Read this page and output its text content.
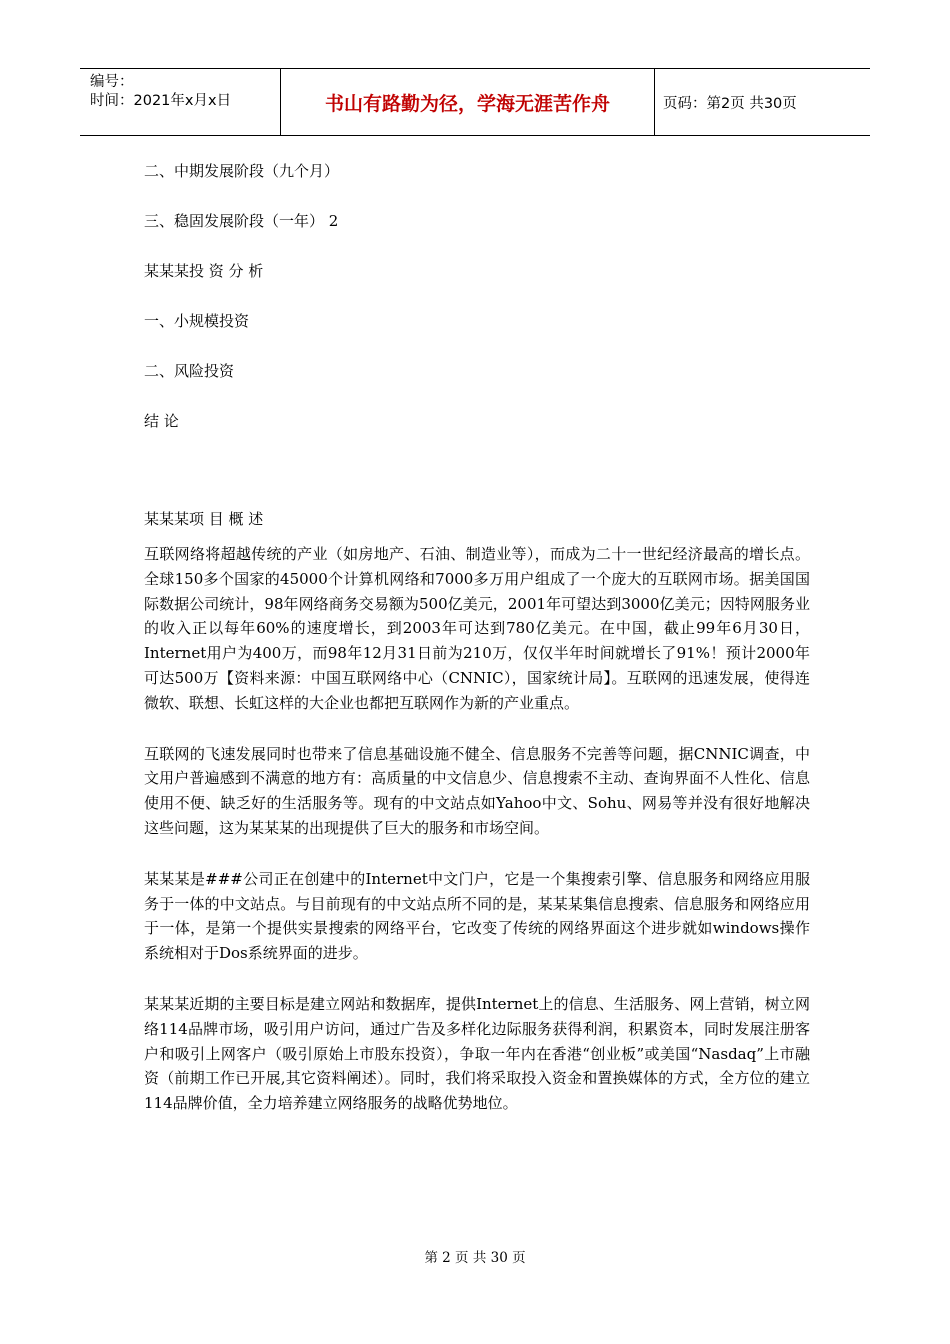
编号：
时间：2021年x月x日	书山有路勤为径，学海无涯苦作舟	页码：第2页 共30页
二、中期发展阶段（九个月）
三、稳固发展阶段（一年） 2
某某某投 资 分 析
一、小规模投资
二、风险投资
结 论
某某某项 目 概 述

互联网络将超越传统的产业（如房地产、石油、制造业等），而成为二十一世纪经济最高的增长点。全球150多个国家的45000个计算机网络和7000多万用户组成了一个庞大的互联网市场。据美国国际数据公司统计，98年网络商务交易额为500亿美元，2001年可望达到3000亿美元；因特网服务业的收入正以每年60%的速度增长，到2003年可达到780亿美元。在中国，截止99年6月30日，Internet用户为400万，而98年12月31日前为210万，仅仅半年时间就增长了91%！预计2000年可达500万【资料来源：中国互联网络中心（CNNIC），国家统计局】。互联网的迅速发展，使得连微软、联想、长虹这样的大企业也都把互联网作为新的产业重点。

互联网的飞速发展同时也带来了信息基础设施不健全、信息服务不完善等问题，据CNNIC调查，中文用户普遍感到不满意的地方有：高质量的中文信息少、信息搜索不主动、查询界面不人性化、信息使用不便、缺乏好的生活服务等。现有的中文站点如Yahoo中文、Sohu、网易等并没有很好地解决这些问题，这为某某某的出现提供了巨大的服务和市场空间。

某某某是###公司正在创建中的Internet中文门户，它是一个集搜索引擎、信息服务和网络应用服务于一体的中文站点。与目前现有的中文站点所不同的是，某某某集信息搜索、信息服务和网络应用于一体，是第一个提供实景搜索的网络平台，它改变了传统的网络界面这个进步就如windows操作系统相对于Dos系统界面的进步。

某某某近期的主要目标是建立网站和数据库，提供Internet上的信息、生活服务、网上营销，树立网络114品牌市场，吸引用户访问，通过广告及多样化边际服务获得利润，积累资本，同时发展注册客户和吸引上网客户（吸引原始上市股东投资），争取一年内在香港“创业板”或美国“Nasdaq”上市融资（前期工作已开展,其它资料阐述）。同时，我们将采取投入资金和置换媒体的方式，全方位的建立114品牌价值，全力培养建立网络服务的战略优势地位。

第 2 页 共 30 页
